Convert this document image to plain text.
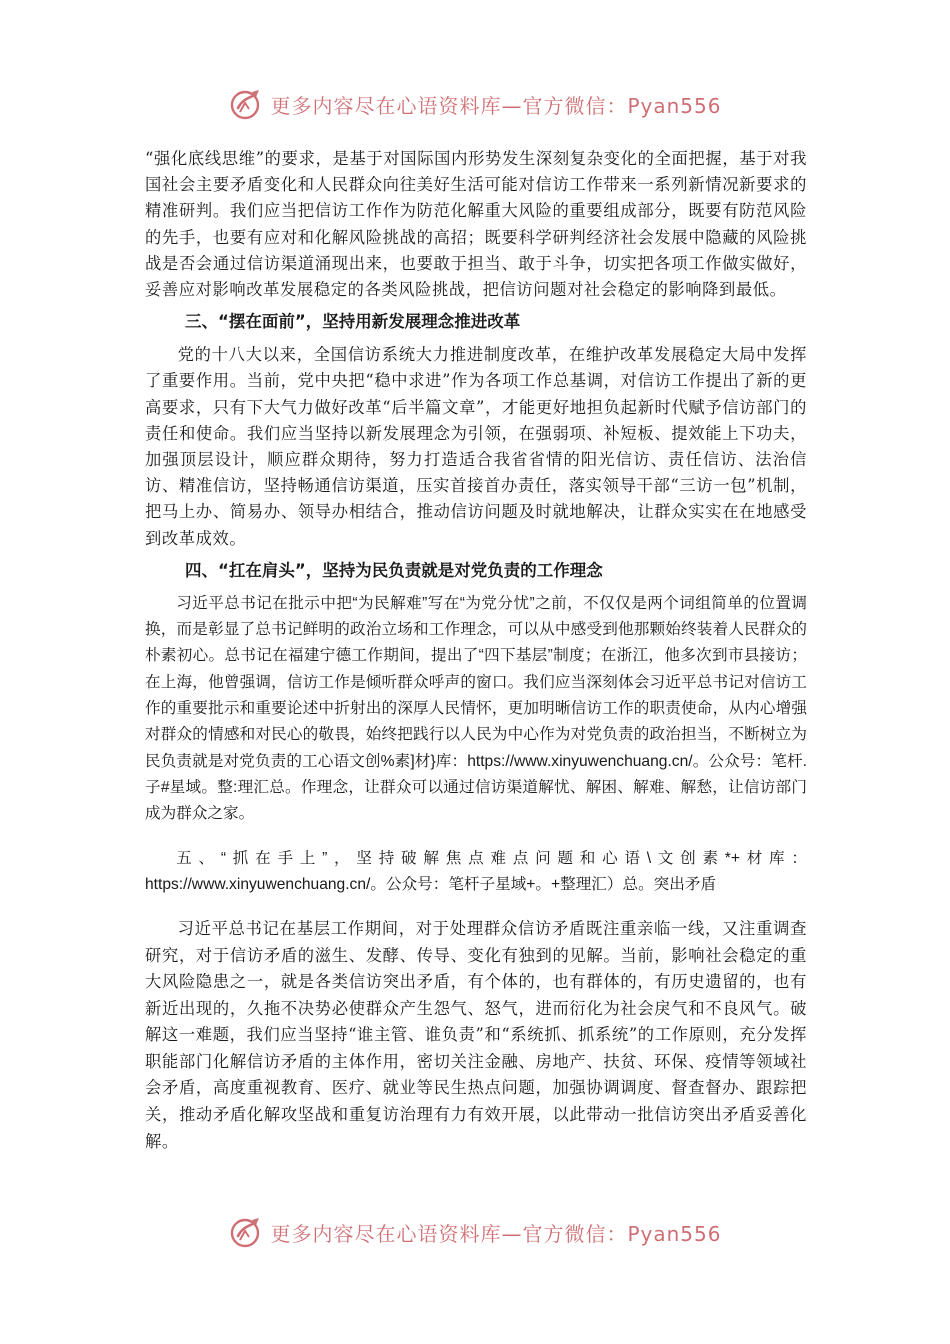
更多内容尽在心语资料库—官方微信：Pyan556

“强化底线思维”的要求，是基于对国际国内形势发生深刻复杂变化的全面把握，基于对我国社会主要矛盾变化和人民群众向往美好生活可能对信访工作带来一系列新情况新要求的精准研判。我们应当把信访工作作为防范化解重大风险的重要组成部分，既要有防范风险的先手，也要有应对和化解风险挑战的高招；既要科学研判经济社会发展中隐藏的风险挑战是否会通过信访渠道涌现出来，也要敢于担当、敢于斗争，切实把各项工作做实做好，妥善应对影响改革发展稳定的各类风险挑战，把信访问题对社会稳定的影响降到最低。

三、“摆在面前”，坚持用新发展理念推进改革

党的十八大以来，全国信访系统大力推进制度改革，在维护改革发展稳定大局中发挥了重要作用。当前，党中央把“稳中求进”作为各项工作总基调，对信访工作提出了新的更高要求，只有下大气力做好改革“后半篇文章”，才能更好地担负起新时代赋予信访部门的责任和使命。我们应当坚持以新发展理念为引领，在强弱项、补短板、提效能上下功夫，加强顶层设计，顺应群众期待，努力打造适合我省省情的阳光信访、责任信访、法治信访、精准信访，坚持畅通信访渠道，压实首接首办责任，落实领导干部“三访一包”机制，把马上办、简易办、领导办相结合，推动信访问题及时就地解决，让群众实实在在地感受到改革成效。

四、“扛在肩头”，坚持为民负责就是对党负责的工作理念

习近平总书记在批示中把“为民解难”写在“为党分忧”之前，不仅仅是两个词组简单的位置调换，而是彰显了总书记鲜明的政治立场和工作理念，可以从中感受到他那颗始终装着人民群众的朴素初心。总书记在福建宁德工作期间，提出了“四下基层”制度；在浙江，他多次到市县接访；在上海，他曾强调，信访工作是倾听群众呼声的窗口。我们应当深刻体会习近平总书记对信访工作的重要批示和重要论述中折射出的深厚人民情怀，更加明晰信访工作的职责使命，从内心增强对群众的情感和对民心的敬畏，始终把践行以人民为中心作为对党负责的政治担当，不断树立为民负责就是对党负责的工心语文创%素]材}库：https://www.xinyuwenchuang.cn/。公众号：笔杆.子#星域。整:理汇总。作理念，让群众可以通过信访渠道解忧、解困、解难、解愁，让信访部门成为群众之家。

五、“抓在手上”，坚持破解焦点难点问题和心语\文创素*+材库：https://www.xinyuwenchuang.cn/。公众号：笔杆子星域+。+整理汇）总。突出矛盾

习近平总书记在基层工作期间，对于处理群众信访矛盾既注重亲临一线，又注重调查研究，对于信访矛盾的滋生、发酵、传导、变化有独到的见解。当前，影响社会稳定的重大风险隐患之一，就是各类信访突出矛盾，有个体的，也有群体的，有历史遗留的，也有新近出现的，久拖不决势必使群众产生怨气、怒气，进而衍化为社会戾气和不良风气。破解这一难题，我们应当坚持“谁主管、谁负责”和“系统抓、抓系统”的工作原则，充分发挥职能部门化解信访矛盾的主体作用，密切关注金融、房地产、扶贫、环保、疫情等领域社会矛盾，高度重视教育、医疗、就业等民生热点问题，加强协调调度、督查督办、跟踪把关，推动矛盾化解攻坚战和重复访治理有力有效开展，以此带动一批信访突出矛盾妥善化解。

更多内容尽在心语资料库—官方微信：Pyan556
